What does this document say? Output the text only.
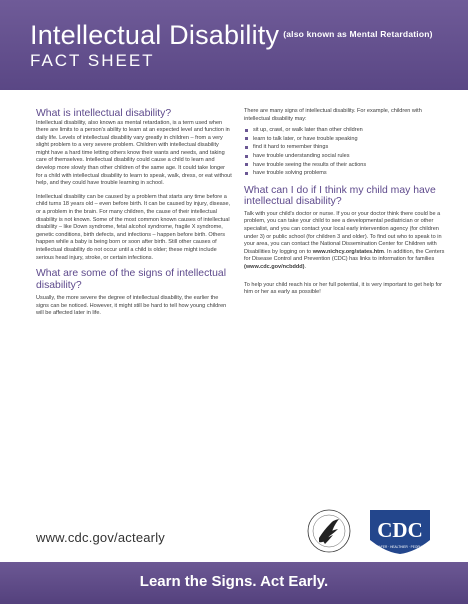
Intellectual Disability $^{(also known as Mental Retardation)}$
FACT SHEET
What is intellectual disability?

Intellectual disability, also known as mental retardation, is a term used when there are limits to a person's ability to learn at an expected level and function in daily life. Levels of intellectual disability vary greatly in children – from a very slight problem to a very severe problem. Children with intellectual disability might have a hard time letting others know their wants and needs, and taking care of themselves. Intellectual disability could cause a child to learn and develop more slowly than other children of the same age. It could take longer for a child with intellectual disability to learn to speak, walk, dress, or eat without help, and they could have trouble learning in school.

Intellectual disability can be caused by a problem that starts any time before a child turns 18 years old – even before birth. It can be caused by injury, disease, or a problem in the brain. For many children, the cause of their intellectual disability is not known. Some of the most common known causes of intellectual disability – like Down syndrome, fetal alcohol syndrome, fragile X syndrome, genetic conditions, birth defects, and infections – happen before birth. Others happen while a baby is being born or soon after birth. Still other causes of intellectual disability do not occur until a child is older; these might include serious head injury, stroke, or certain infections.

What are some of the signs of intellectual disability?

Usually, the more severe the degree of intellectual disability, the earlier the signs can be noticed. However, it might still be hard to tell how young children will be affected later in life.

There are many signs of intellectual disability. For example, children with intellectual disability may:

sit up, crawl, or walk later than other children
learn to talk later, or have trouble speaking
find it hard to remember things
have trouble understanding social rules
have trouble seeing the results of their actions
have trouble solving problems
What can I do if I think my child may have intellectual disability?

Talk with your child's doctor or nurse. If you or your doctor think there could be a problem, you can take your child to see a developmental pediatrician or other specialist, and you can contact your local early intervention agency (for children under 3) or public school (for children 3 and older). To find out who to speak to in your area, you can contact the National Dissemination Center for Children with Disabilities by logging on to www.nichcy.org/states.htm. In addition, the Centers for Disease Control and Prevention (CDC) has links to information for families (www.cdc.gov/ncbddd).

To help your child reach his or her full potential, it is very important to get help for him or her as early as possible!

www.cdc.gov/actearly	CDC
SAFER · HEALTHIER · PEOPLE
Learn the Signs. Act Early.
